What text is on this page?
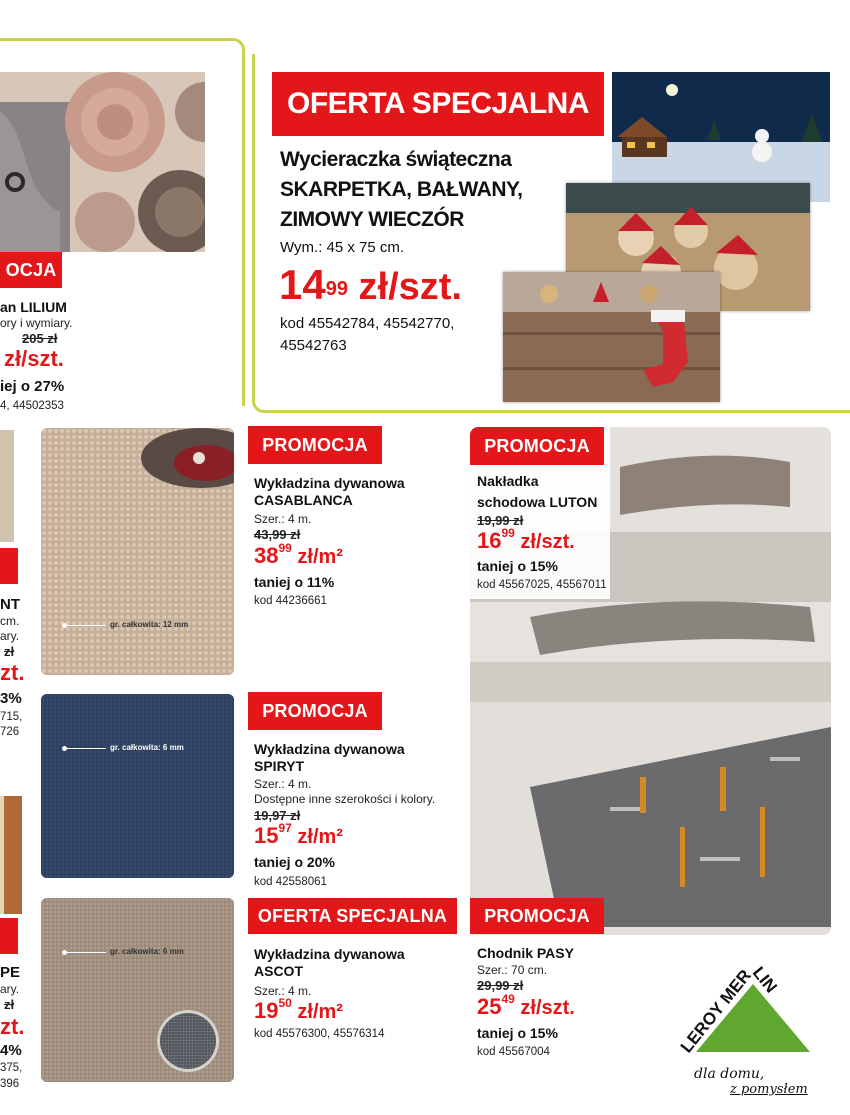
OCJA
an LILIUM
ory i wymiary.
205 zł
zł/szt.
iej o 27%
4, 44502353
NT
cm.
ary.
zł
zt.
3%
715,
726
PE
ary.
zł
zt.
4%
375,
396
OFERTA SPECJALNA
Wycieraczka świąteczna
SKARPETKA, BAŁWANY,
ZIMOWY WIECZÓR
Wym.: 45 x 75 cm.
$14^{99}$ zł/szt.
kod 45542784, 45542770,
45542763
gr. całkowita: 12 mm
gr. całkowita: 6 mm
gr. całkowita: 6 mm
PROMOCJA
Wykładzina dywanowa
CASABLANCA
Szer.: 4 m.
43,99 zł
$38^{99}$ zł/m²
taniej o 11%
kod 44236661
PROMOCJA
Wykładzina dywanowa
SPIRYT
Szer.: 4 m.
Dostępne inne szerokości i kolory.
19,97 zł
$15^{97}$ zł/m²
taniej o 20%
kod 42558061
OFERTA SPECJALNA
Wykładzina dywanowa
ASCOT
Szer.: 4 m.
$19^{50}$ zł/m²
kod 45576300, 45576314
PROMOCJA
Nakładka
schodowa LUTON
19,99 zł
$16^{99}$ zł/szt.
taniej o 15%
kod 45567025, 45567011
PROMOCJA
Chodnik PASY
Szer.: 70 cm.
29,99 zł
$25^{49}$ zł/szt.
taniej o 15%
kod 45567004	LEROY MERLIN
dla domu,
z pomysłem
